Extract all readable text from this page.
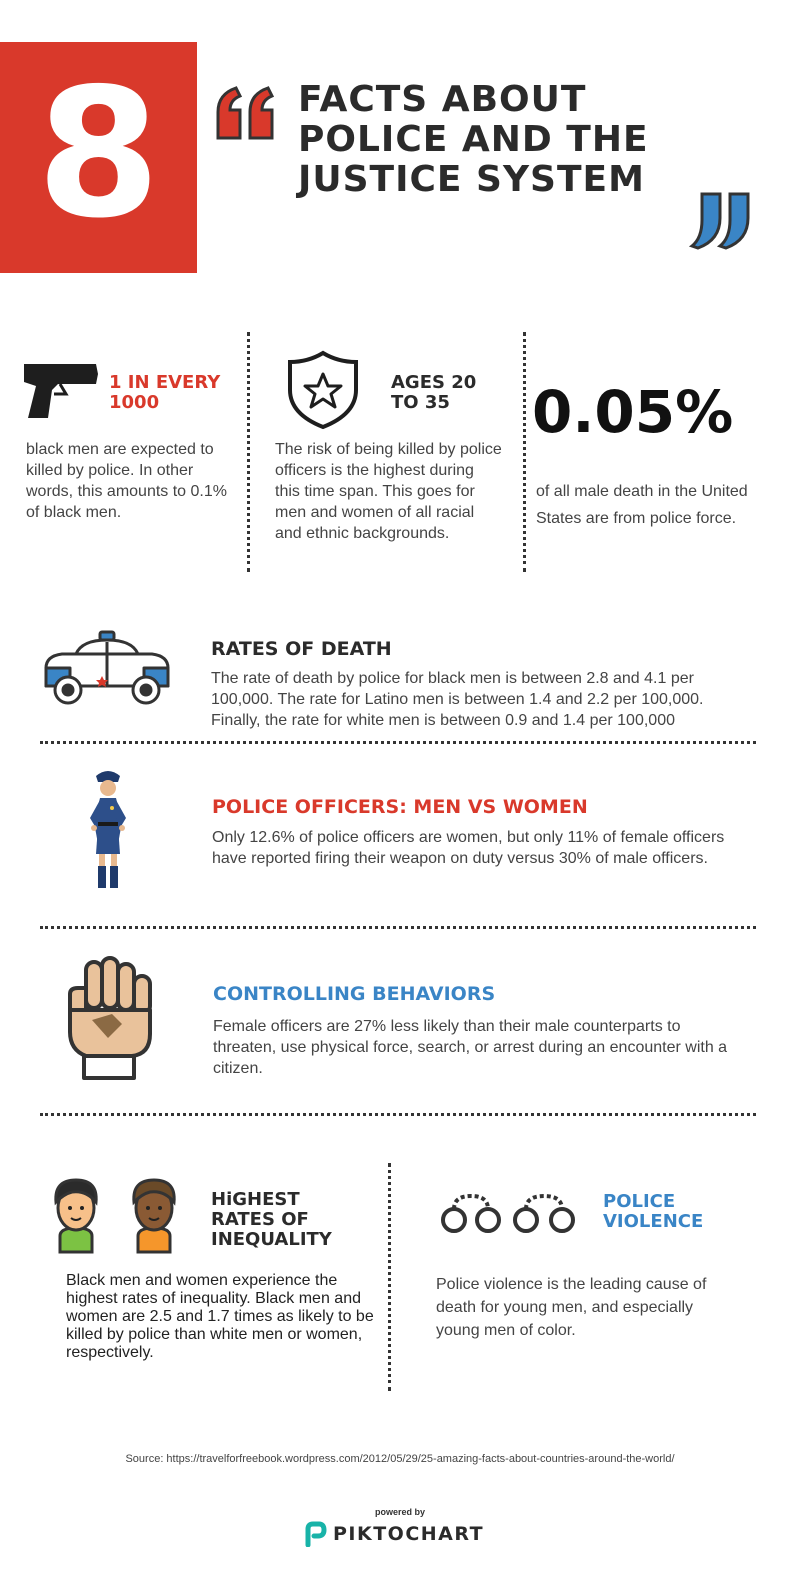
8	FACTS ABOUT
POLICE AND THE
JUSTICE SYSTEM
1 IN EVERY
1000
black men are expected to killed by police. In other words, this amounts to 0.1% of black men.
AGES 20
TO 35
The risk of being killed by police officers is the highest during this time span. This goes for men and women of all racial and ethnic backgrounds.
0.05%
of all male death in the United States are from police force.
RATES OF DEATH
The rate of death by police for black men is between 2.8 and 4.1 per 100,000. The rate for Latino men is between 1.4 and 2.2 per 100,000. Finally, the rate for white men is between 0.9 and 1.4 per 100,000
POLICE OFFICERS: MEN VS WOMEN
Only 12.6% of police officers are women, but only 11% of female officers have reported firing their weapon on duty versus 30% of male officers.
CONTROLLING BEHAVIORS
Female officers are 27% less likely than their male counterparts to threaten, use physical force, search, or arrest during an encounter with a citizen.
HiGHEST
RATES OF
INEQUALITY
Black men and women experience the highest rates of inequality. Black men and women are 2.5 and 1.7 times as likely to be killed by police than white men or women, respectively.
POLICE
VIOLENCE
Police violence is the leading cause of death for young men, and especially young men of color.
Source: https://travelforfreebook.wordpress.com/2012/05/29/25-amazing-facts-about-countries-around-the-world/
powered by
PIKTOCHART
